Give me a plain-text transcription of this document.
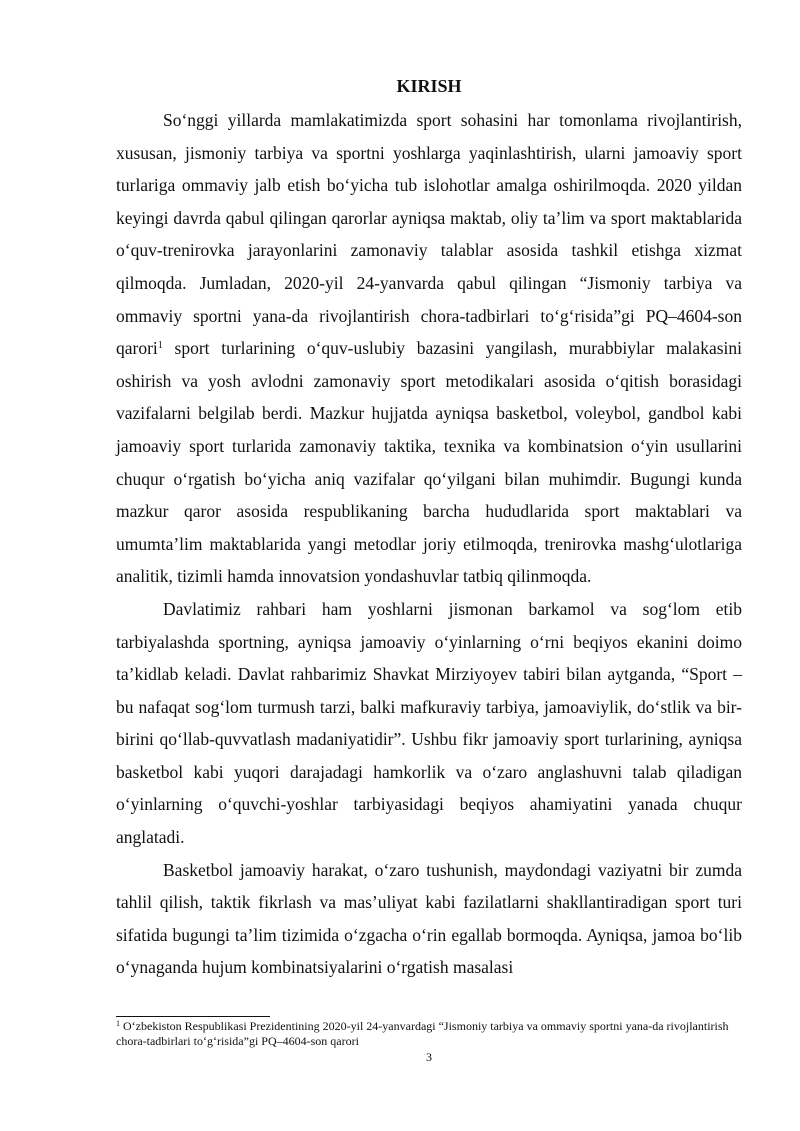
KIRISH

So‘nggi yillarda mamlakatimizda sport sohasini har tomonlama rivojlantirish, xususan, jismoniy tarbiya va sportni yoshlarga yaqinlashtirish, ularni jamoaviy sport turlariga ommaviy jalb etish bo‘yicha tub islohotlar amalga oshirilmoqda. 2020 yildan keyingi davrda qabul qilingan qarorlar ayniqsa maktab, oliy ta’lim va sport maktablarida o‘quv-trenirovka jarayonlarini zamonaviy talablar asosida tashkil etishga xizmat qilmoqda. Jumladan, 2020-yil 24-yanvarda qabul qilingan “Jismoniy tarbiya va ommaviy sportni yana-da rivojlantirish chora-tadbirlari to‘g‘risida”gi PQ–4604-son qarori$^1$ sport turlarining o‘quv-uslubiy bazasini yangilash, murabbiylar malakasini oshirish va yosh avlodni zamonaviy sport metodikalari asosida o‘qitish borasidagi vazifalarni belgilab berdi. Mazkur hujjatda ayniqsa basketbol, voleybol, gandbol kabi jamoaviy sport turlarida zamonaviy taktika, texnika va kombinatsion o‘yin usullarini chuqur o‘rgatish bo‘yicha aniq vazifalar qo‘yilgani bilan muhimdir. Bugungi kunda mazkur qaror asosida respublikaning barcha hududlarida sport maktablari va umumta’lim maktablarida yangi metodlar joriy etilmoqda, trenirovka mashg‘ulotlariga analitik, tizimli hamda innovatsion yondashuvlar tatbiq qilinmoqda.

Davlatimiz rahbari ham yoshlarni jismonan barkamol va sog‘lom etib tarbiyalashda sportning, ayniqsa jamoaviy o‘yinlarning o‘rni beqiyos ekanini doimo ta’kidlab keladi. Davlat rahbarimiz Shavkat Mirziyoyev tabiri bilan aytganda, “Sport – bu nafaqat sog‘lom turmush tarzi, balki mafkuraviy tarbiya, jamoaviylik, do‘stlik va bir-birini qo‘llab-quvvatlash madaniyatidir”. Ushbu fikr jamoaviy sport turlarining, ayniqsa basketbol kabi yuqori darajadagi hamkorlik va o‘zaro anglashuvni talab qiladigan o‘yinlarning o‘quvchi-yoshlar tarbiyasidagi beqiyos ahamiyatini yanada chuqur anglatadi.

Basketbol jamoaviy harakat, o‘zaro tushunish, maydondagi vaziyatni bir zumda tahlil qilish, taktik fikrlash va mas’uliyat kabi fazilatlarni shakllantiradigan sport turi sifatida bugungi ta’lim tizimida o‘zgacha o‘rin egallab bormoqda. Ayniqsa, jamoa bo‘lib o‘ynaganda hujum kombinatsiyalarini o‘rgatish masalasi

$^1$ O‘zbekiston Respublikasi Prezidentining 2020-yil 24-yanvardagi “Jismoniy tarbiya va ommaviy sportni yana-da rivojlantirish chora-tadbirlari to‘g‘risida”gi PQ–4604-son qarori

3
